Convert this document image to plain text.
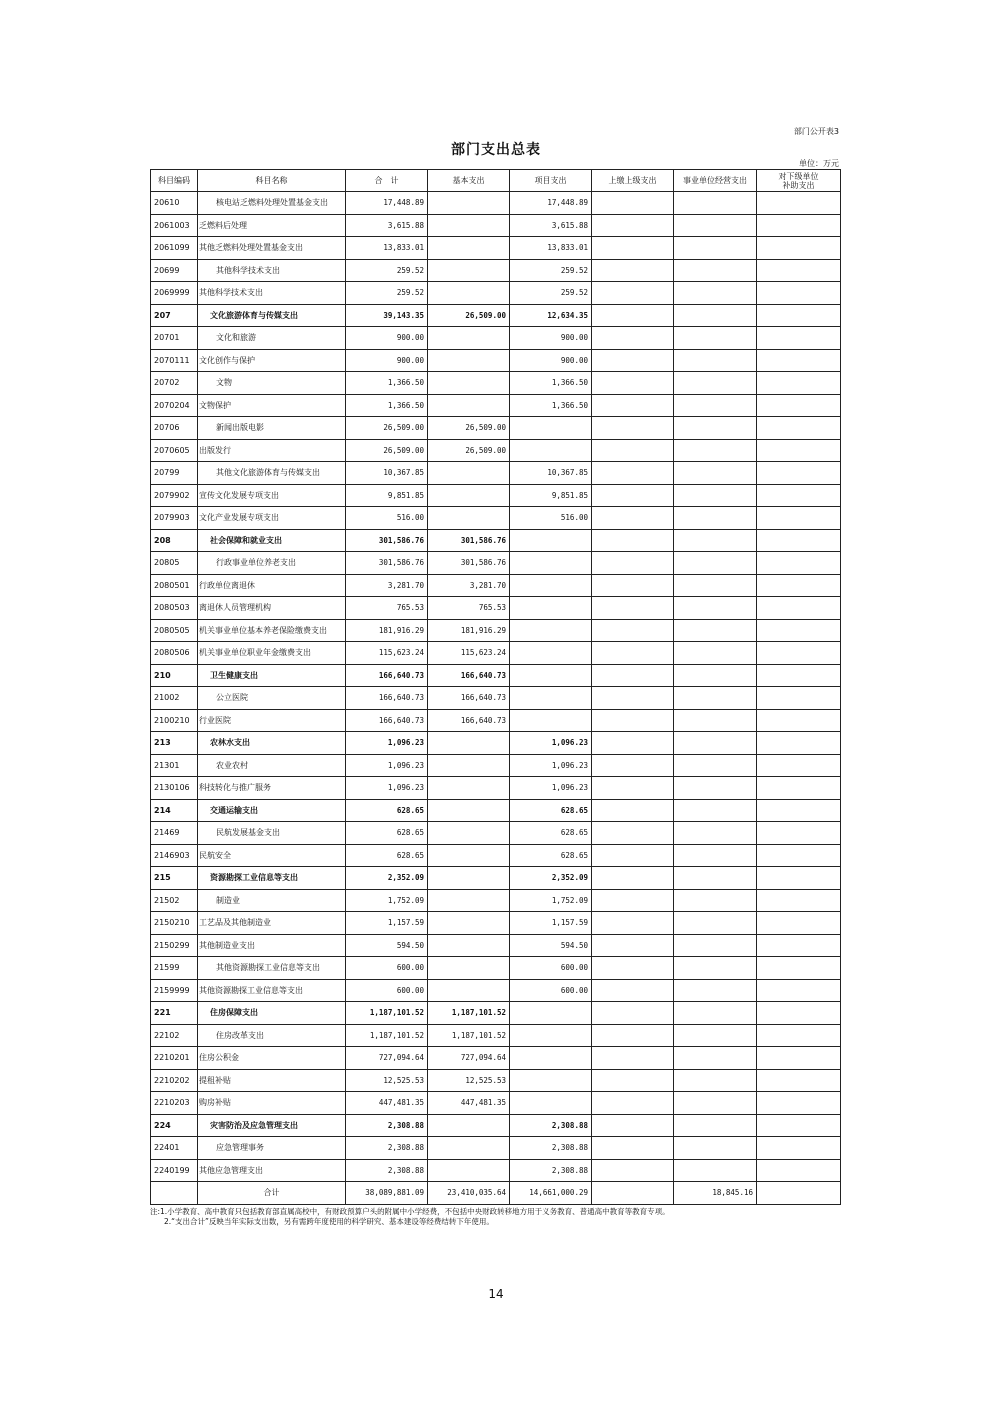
部门公开表3
部门支出总表
单位：万元
科目编码	科目名称	合　计	基本支出	项目支出	上缴上级支出	事业单位经营支出	对下级单位
补助支出

20610	核电站乏燃料处理处置基金支出	17,448.89		17,448.89			
2061003	乏燃料后处理	3,615.88		3,615.88			
2061099	其他乏燃料处理处置基金支出	13,833.01		13,833.01			
20699	其他科学技术支出	259.52		259.52			
2069999	其他科学技术支出	259.52		259.52			
207	文化旅游体育与传媒支出	39,143.35	26,509.00	12,634.35			
20701	文化和旅游	900.00		900.00			
2070111	文化创作与保护	900.00		900.00			
20702	文物	1,366.50		1,366.50			
2070204	文物保护	1,366.50		1,366.50			
20706	新闻出版电影	26,509.00	26,509.00				
2070605	出版发行	26,509.00	26,509.00				
20799	其他文化旅游体育与传媒支出	10,367.85		10,367.85			
2079902	宣传文化发展专项支出	9,851.85		9,851.85			
2079903	文化产业发展专项支出	516.00		516.00			
208	社会保障和就业支出	301,586.76	301,586.76				
20805	行政事业单位养老支出	301,586.76	301,586.76				
2080501	行政单位离退休	3,281.70	3,281.70				
2080503	离退休人员管理机构	765.53	765.53				
2080505	机关事业单位基本养老保险缴费支出	181,916.29	181,916.29				
2080506	机关事业单位职业年金缴费支出	115,623.24	115,623.24				
210	卫生健康支出	166,640.73	166,640.73				
21002	公立医院	166,640.73	166,640.73				
2100210	行业医院	166,640.73	166,640.73				
213	农林水支出	1,096.23		1,096.23			
21301	农业农村	1,096.23		1,096.23			
2130106	科技转化与推广服务	1,096.23		1,096.23			
214	交通运输支出	628.65		628.65			
21469	民航发展基金支出	628.65		628.65			
2146903	民航安全	628.65		628.65			
215	资源勘探工业信息等支出	2,352.09		2,352.09			
21502	制造业	1,752.09		1,752.09			
2150210	工艺品及其他制造业	1,157.59		1,157.59			
2150299	其他制造业支出	594.50		594.50			
21599	其他资源勘探工业信息等支出	600.00		600.00			
2159999	其他资源勘探工业信息等支出	600.00		600.00			
221	住房保障支出	1,187,101.52	1,187,101.52				
22102	住房改革支出	1,187,101.52	1,187,101.52				
2210201	住房公积金	727,094.64	727,094.64				
2210202	提租补贴	12,525.53	12,525.53				
2210203	购房补贴	447,481.35	447,481.35				
224	灾害防治及应急管理支出	2,308.88		2,308.88			
22401	应急管理事务	2,308.88		2,308.88			
2240199	其他应急管理支出	2,308.88		2,308.88			
	合计	38,089,881.09	23,410,035.64	14,661,000.29		18,845.16	
注:1.小学教育、高中教育只包括教育部直属高校中，有财政预算户头的附属中小学经费，不包括中央财政转移地方用于义务教育、普通高中教育等教育专项。
2.“支出合计”反映当年实际支出数，另有需跨年度使用的科学研究、基本建设等经费结转下年使用。
14
